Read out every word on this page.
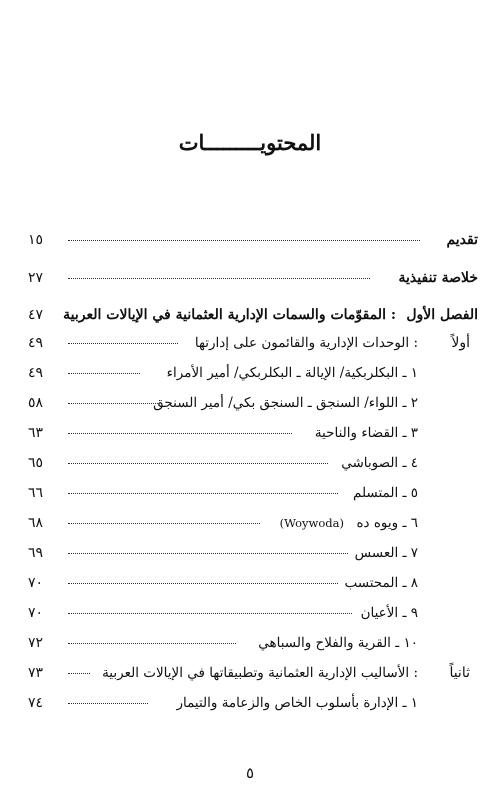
المحتويـــــــــات
تقديم
١٥
خلاصة تنفيذية
٢٧
الفصل الأول
: المقوّمات والسمات الإدارية العثمانية في الإيالات العربية
٤٧
أولاً
: الوحدات الإدارية والقائمون على إدارتها
٤٩
١ ـ البكلربكية/ الإيالة ـ البكلربكي/ أمير الأمراء
٤٩
٢ ـ اللواء/ السنجق ـ السنجق بكي/ أمير السنجق
٥٨
٣ ـ القضاء والناحية
٦٣
٤ ـ الصوباشي
٦٥
٥ ـ المتسلم
٦٦
٦ ـ ويوه ده
(Woywoda)
٦٨
٧ ـ العسس
٦٩
٨ ـ المحتسب
٧٠
٩ ـ الأعيان
٧٠
١٠ ـ القرية والفلاح والسباهي
٧٢
ثانياً
: الأساليب الإدارية العثمانية وتطبيقاتها في الإيالات العربية
٧٣
١ ـ الإدارة بأسلوب الخاص والزعامة والتيمار
٧٤
٥
